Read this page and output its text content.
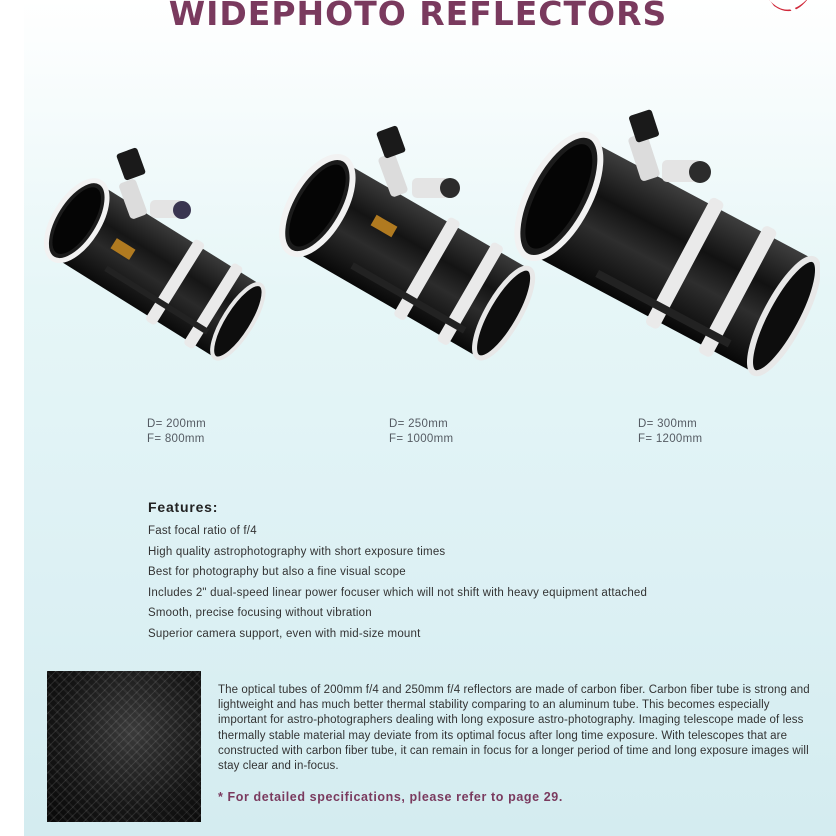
WIDEPHOTO REFLECTORS
D= 200mm
F= 800mm
D= 250mm
F= 1000mm
D= 300mm
F= 1200mm
Features:
Fast focal ratio of f/4
High quality astrophotography with short exposure times
Best for photography but also a fine visual scope
Includes 2" dual-speed linear power focuser which will not shift with heavy equipment attached
Smooth, precise focusing without vibration
Superior camera support, even with mid-size mount
The optical tubes of 200mm f/4 and 250mm f/4 reflectors are made of carbon fiber. Carbon fiber tube is strong and lightweight and has much better thermal stability comparing to an aluminum tube. This becomes especially important for astro-photographers dealing with long exposure astro-photography. Imaging telescope made of less thermally stable material may deviate from its optimal focus after long time exposure. With telescopes that are constructed with carbon fiber tube, it can remain in focus for a longer period of time and long exposure images will stay clear and in-focus.
* For detailed specifications, please refer to page 29.
